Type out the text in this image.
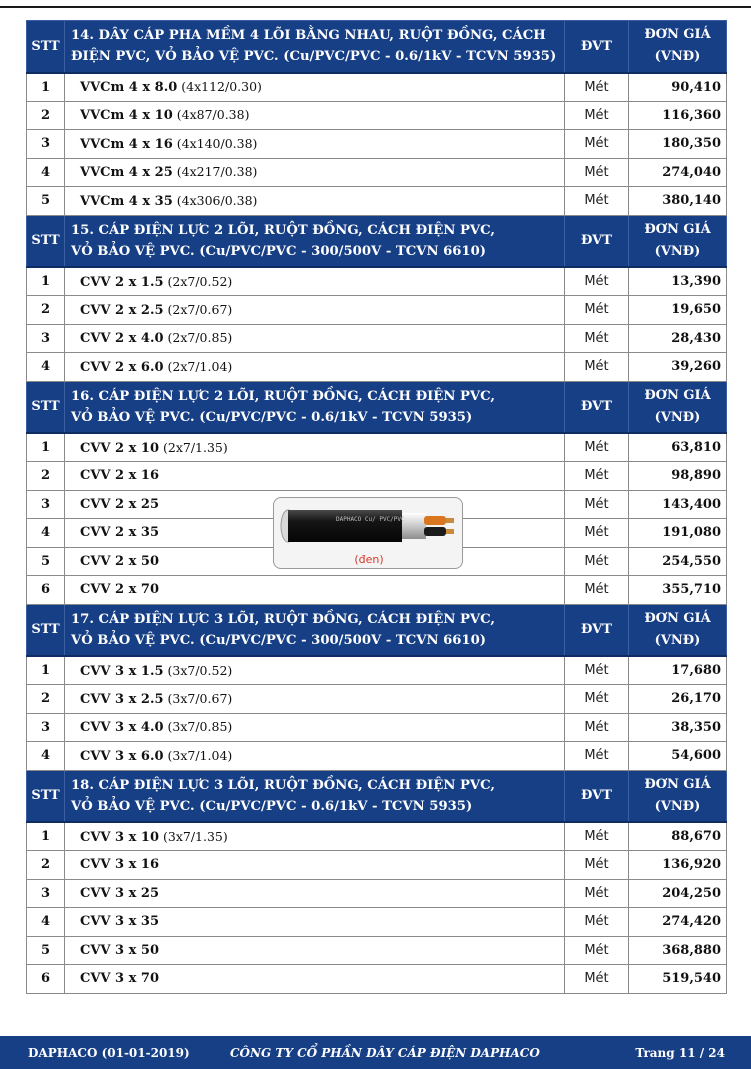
STT	14. DÂY CÁP PHA MỀM 4 LÕI BẰNG NHAU, RUỘT ĐỒNG, CÁCH
ĐIỆN PVC, VỎ BẢO VỆ PVC. (Cu/PVC/PVC - 0.6/1kV - TCVN 5935)	ĐVT	ĐƠN GIÁ
(VNĐ)
1	VVCm 4 x 8.0 (4x112/0.30)	Mét	90,410
2	VVCm 4 x 10 (4x87/0.38)	Mét	116,360
3	VVCm 4 x 16 (4x140/0.38)	Mét	180,350
4	VVCm 4 x 25 (4x217/0.38)	Mét	274,040
5	VVCm 4 x 35 (4x306/0.38)	Mét	380,140
STT	15. CÁP ĐIỆN LỰC 2 LÕI, RUỘT ĐỒNG, CÁCH ĐIỆN PVC,
VỎ BẢO VỆ PVC. (Cu/PVC/PVC - 300/500V - TCVN 6610)	ĐVT	ĐƠN GIÁ
(VNĐ)
1	CVV 2 x 1.5 (2x7/0.52)	Mét	13,390
2	CVV 2 x 2.5 (2x7/0.67)	Mét	19,650
3	CVV 2 x 4.0 (2x7/0.85)	Mét	28,430
4	CVV 2 x 6.0 (2x7/1.04)	Mét	39,260
STT	16. CÁP ĐIỆN LỰC 2 LÕI, RUỘT ĐỒNG, CÁCH ĐIỆN PVC,
VỎ BẢO VỆ PVC. (Cu/PVC/PVC - 0.6/1kV - TCVN 5935)	ĐVT	ĐƠN GIÁ
(VNĐ)
1	CVV 2 x 10 (2x7/1.35)	Mét	63,810
2	CVV 2 x 16	Mét	98,890
3	CVV 2 x 25	Mét	143,400
4	CVV 2 x 35	Mét	191,080
5	CVV 2 x 50	Mét	254,550
6	CVV 2 x 70	Mét	355,710
STT	17. CÁP ĐIỆN LỰC 3 LÕI, RUỘT ĐỒNG, CÁCH ĐIỆN PVC,
VỎ BẢO VỆ PVC. (Cu/PVC/PVC - 300/500V - TCVN 6610)	ĐVT	ĐƠN GIÁ
(VNĐ)
1	CVV 3 x 1.5 (3x7/0.52)	Mét	17,680
2	CVV 3 x 2.5 (3x7/0.67)	Mét	26,170
3	CVV 3 x 4.0 (3x7/0.85)	Mét	38,350
4	CVV 3 x 6.0 (3x7/1.04)	Mét	54,600
STT	18. CÁP ĐIỆN LỰC 3 LÕI, RUỘT ĐỒNG, CÁCH ĐIỆN PVC,
VỎ BẢO VỆ PVC. (Cu/PVC/PVC - 0.6/1kV - TCVN 5935)	ĐVT	ĐƠN GIÁ
(VNĐ)
1	CVV 3 x 10 (3x7/1.35)	Mét	88,670
2	CVV 3 x 16	Mét	136,920
3	CVV 3 x 25	Mét	204,250
4	CVV 3 x 35	Mét	274,420
5	CVV 3 x 50	Mét	368,880
6	CVV 3 x 70	Mét	519,540
DAPHACO Cu/ PVC/PVC
(đen)
DAPHACO (01-01-2019)	CÔNG TY CỔ PHẦN DÂY CÁP ĐIỆN DAPHACO	Trang 11 / 24
